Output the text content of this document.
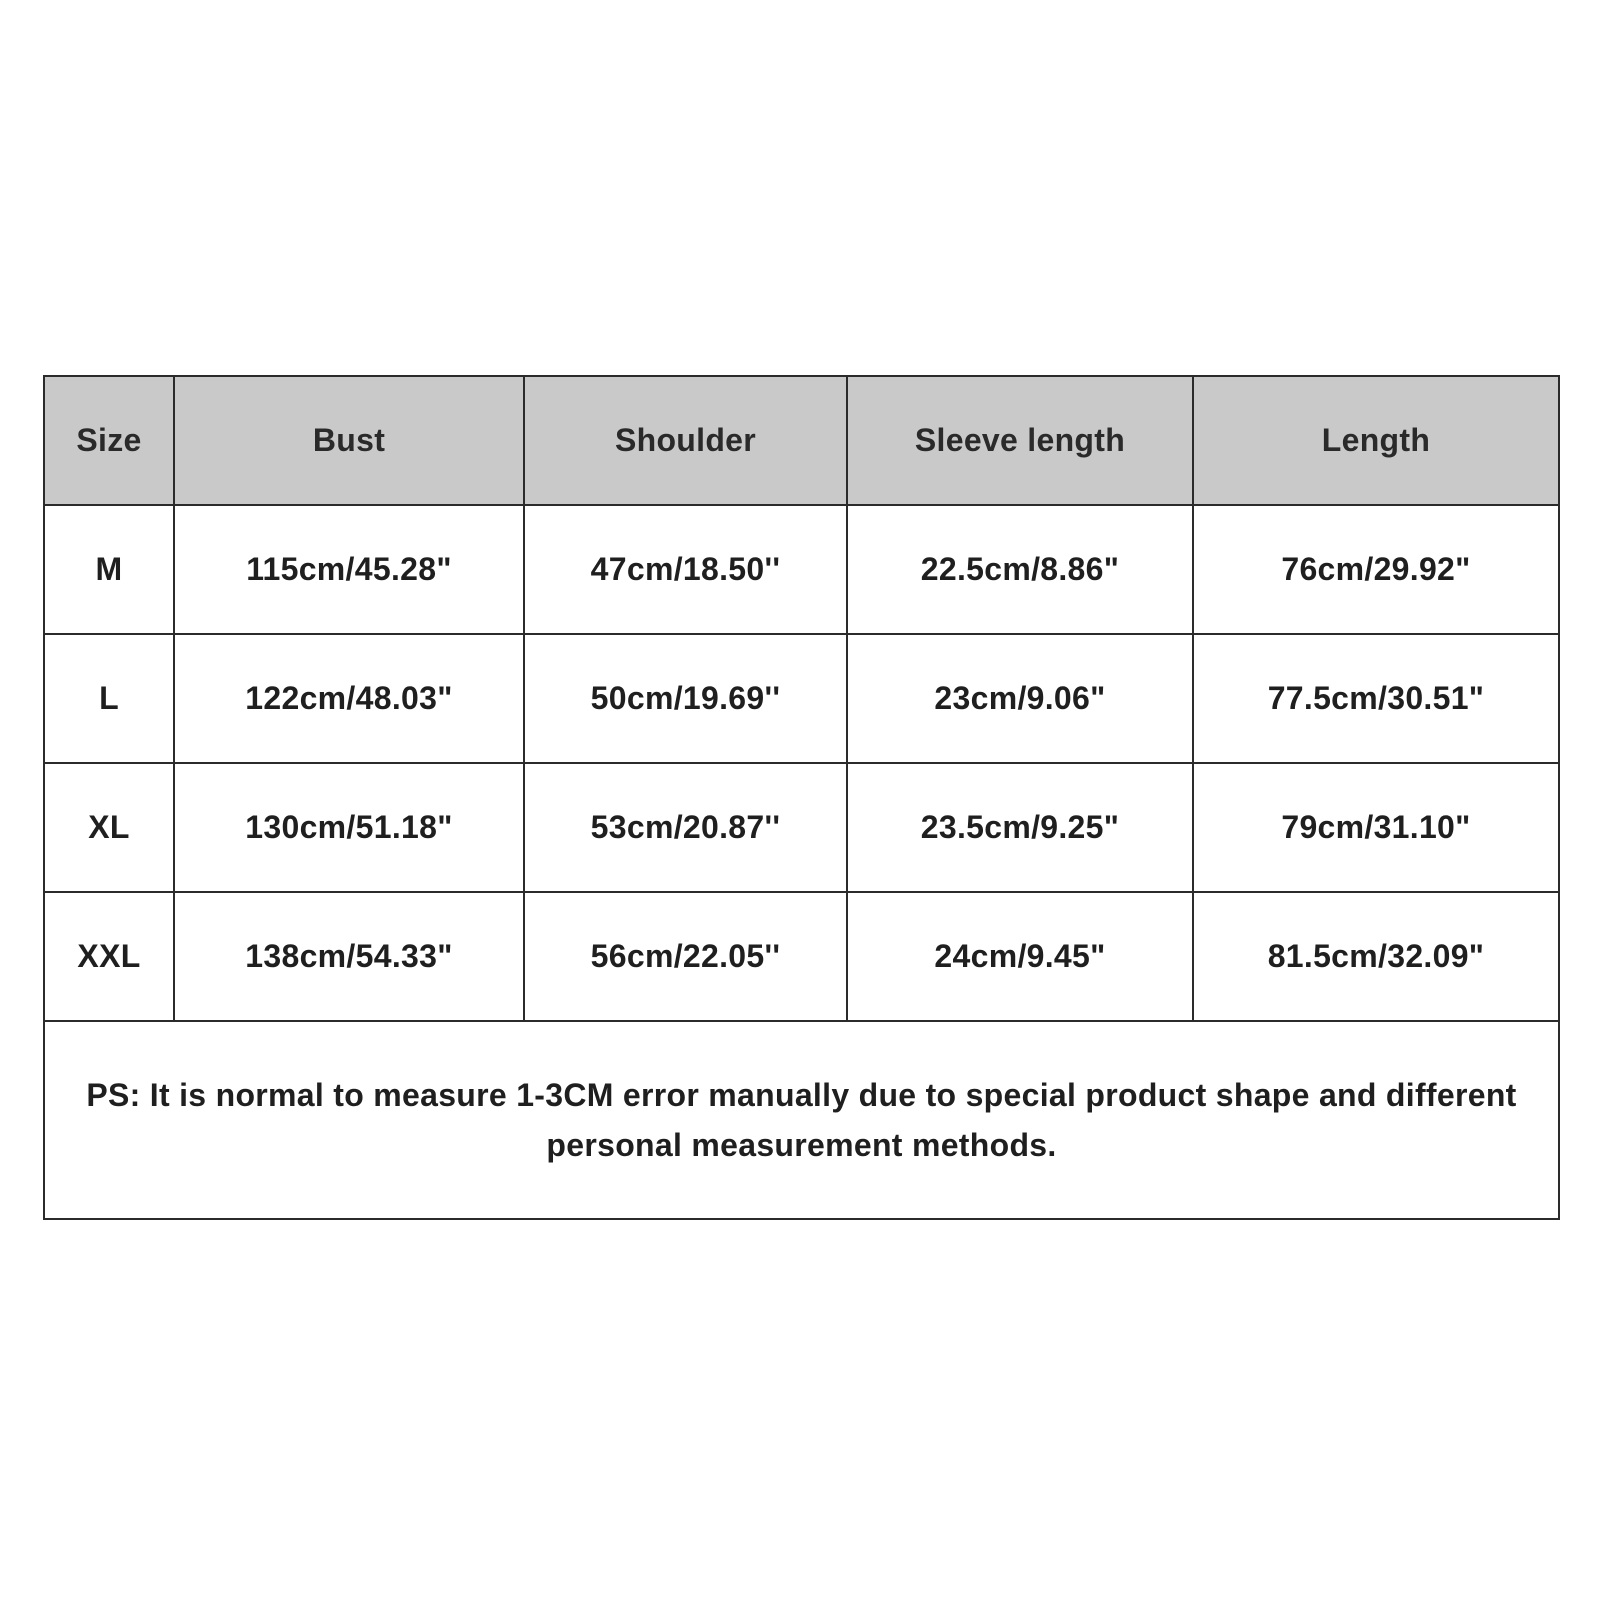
Size	Bust	Shoulder	Sleeve length	Length
M	115cm/45.28"	47cm/18.50''	22.5cm/8.86"	76cm/29.92"
L	122cm/48.03"	50cm/19.69''	23cm/9.06"	77.5cm/30.51"
XL	130cm/51.18"	53cm/20.87''	23.5cm/9.25"	79cm/31.10"
XXL	138cm/54.33"	56cm/22.05''	24cm/9.45"	81.5cm/32.09"
PS: It is normal to measure 1-3CM error manually due to special product shape and different personal measurement methods.				
